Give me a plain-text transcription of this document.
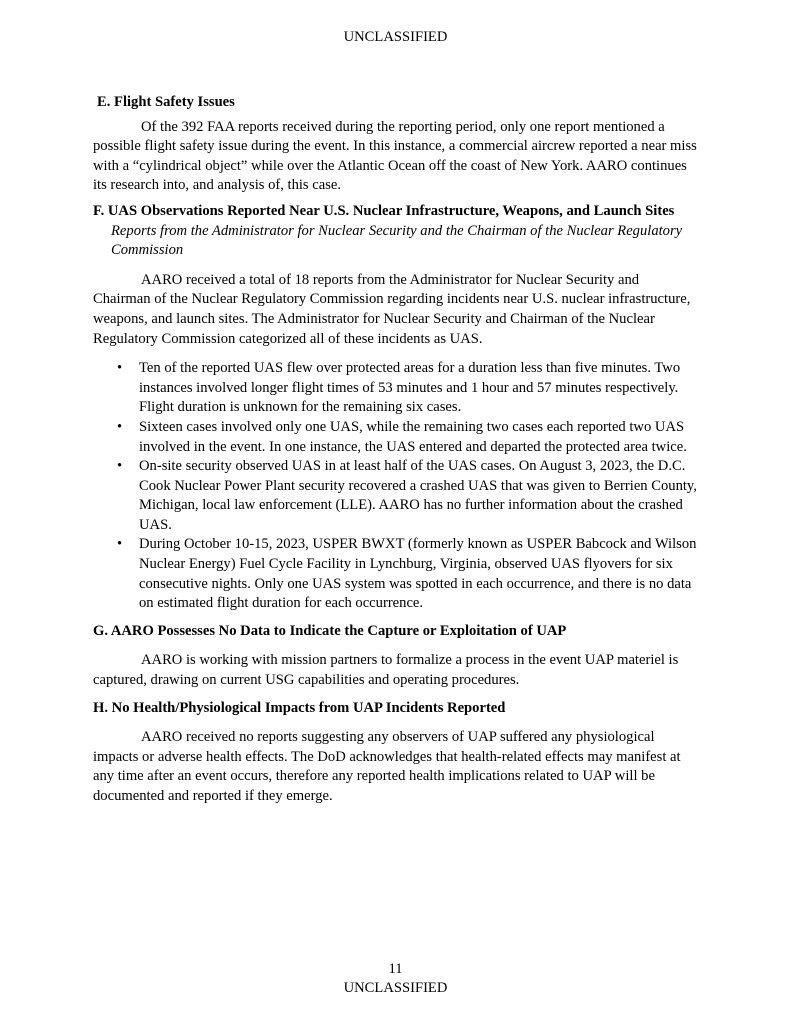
UNCLASSIFIED

E. Flight Safety Issues

Of the 392 FAA reports received during the reporting period, only one report mentioned a possible flight safety issue during the event. In this instance, a commercial aircrew reported a near miss with a “cylindrical object” while over the Atlantic Ocean off the coast of New York. AARO continues its research into, and analysis of, this case.

F. UAS Observations Reported Near U.S. Nuclear Infrastructure, Weapons, and Launch Sites

Reports from the Administrator for Nuclear Security and the Chairman of the Nuclear Regulatory Commission

AARO received a total of 18 reports from the Administrator for Nuclear Security and Chairman of the Nuclear Regulatory Commission regarding incidents near U.S. nuclear infrastructure, weapons, and launch sites. The Administrator for Nuclear Security and Chairman of the Nuclear Regulatory Commission categorized all of these incidents as UAS.

• Ten of the reported UAS flew over protected areas for a duration less than five minutes. Two instances involved longer flight times of 53 minutes and 1 hour and 57 minutes respectively. Flight duration is unknown for the remaining six cases.
• Sixteen cases involved only one UAS, while the remaining two cases each reported two UAS involved in the event. In one instance, the UAS entered and departed the protected area twice.
• On-site security observed UAS in at least half of the UAS cases. On August 3, 2023, the D.C. Cook Nuclear Power Plant security recovered a crashed UAS that was given to Berrien County, Michigan, local law enforcement (LLE). AARO has no further information about the crashed UAS.
• During October 10-15, 2023, USPER BWXT (formerly known as USPER Babcock and Wilson Nuclear Energy) Fuel Cycle Facility in Lynchburg, Virginia, observed UAS flyovers for six consecutive nights. Only one UAS system was spotted in each occurrence, and there is no data on estimated flight duration for each occurrence.

G. AARO Possesses No Data to Indicate the Capture or Exploitation of UAP

AARO is working with mission partners to formalize a process in the event UAP materiel is captured, drawing on current USG capabilities and operating procedures.

H. No Health/Physiological Impacts from UAP Incidents Reported

AARO received no reports suggesting any observers of UAP suffered any physiological impacts or adverse health effects. The DoD acknowledges that health-related effects may manifest at any time after an event occurs, therefore any reported health implications related to UAP will be documented and reported if they emerge.

11
UNCLASSIFIED
